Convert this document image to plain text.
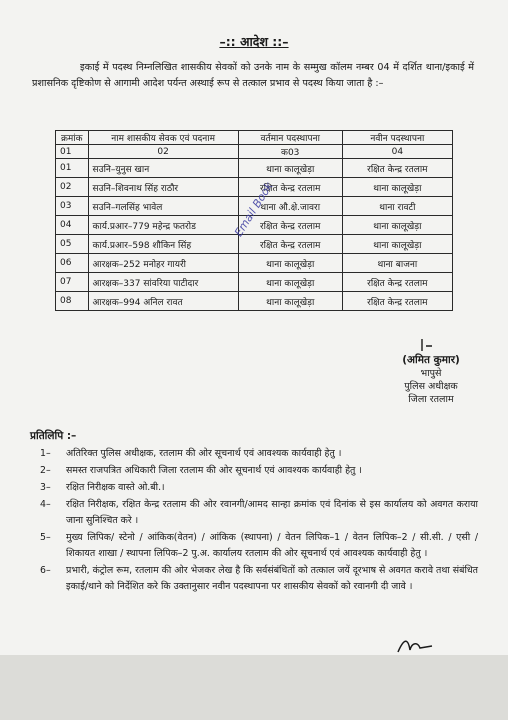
–:: आदेश ::–
इकाई में पदस्थ निम्नलिखित शासकीय सेवकों को उनके नाम के सम्मुख कॉलम नम्बर 04 में दर्शित थाना/इकाई में प्रशासनिक दृष्टिकोण से आगामी आदेश पर्यन्त अस्थाई रूप से तत्काल प्रभाव से पदस्थ किया जाता है :–
क्रमांक	नाम शासकीय सेवक एवं पदनाम	वर्तमान पदस्थापना	नवीन पदस्थापना
01	02	क03	04
01	सउनि–युनुस खान	थाना कालूखेड़ा	रक्षित केन्द्र रतलाम
02	सउनि–शिवनाथ सिंह राठौर	रक्षित केन्द्र रतलाम	थाना कालूखेड़ा
03	सउनि–गलसिंह भावेल	थाना औ.क्षे.जावरा	थाना रावटी
04	कार्य.प्रआर–779 महेन्द्र फतरोड	रक्षित केन्द्र रतलाम	थाना कालूखेड़ा
05	कार्य.प्रआर–598 शौकिन सिंह	रक्षित केन्द्र रतलाम	थाना कालूखेड़ा
06	आरक्षक–252 मनोहर गायरी	थाना कालूखेड़ा	थाना बाजना
07	आरक्षक–337 सांवरिया पाटीदार	थाना कालूखेड़ा	रक्षित केन्द्र रतलाम
08	आरक्षक–994 अनिल रावत	थाना कालूखेड़ा	रक्षित केन्द्र रतलाम
Email Book
(अमित कुमार)
भापुसे
पुलिस अधीक्षक
जिला रतलाम
प्रतिलिपि :–
1– अतिरिक्त पुलिस अधीक्षक, रतलाम की ओर सूचनार्थ एवं आवश्यक कार्यवाही हेतु ।
2– समस्त राजपत्रित अधिकारी जिला रतलाम की ओर सूचनार्थ एवं आवश्यक कार्यवाही हेतु ।
3– रक्षित निरीक्षक वास्ते ओ.बी.।
4– रक्षित निरीक्षक, रक्षित केन्द्र रतलाम की ओर रवानगी/आमद सान्हा क्रमांक एवं दिनांक से इस कार्यालय को अवगत कराया जाना सुनिश्चित करे ।
5– मुख्य लिपिक/ स्टेनो / आंकिक(वेतन) / आंकिक (स्थापना) / वेतन लिपिक–1 / वेतन लिपिक–2 / सी.सी. / एसी / शिकायत शाखा / स्थापना लिपिक–2 पु.अ. कार्यालय रतलाम की ओर सूचनार्थ एवं आवश्यक कार्यवाही हेतु ।
6– प्रभारी, कंट्रोल रूम, रतलाम की ओर भेजकर लेख है कि सर्वसंबंधितों को तत्काल जयें दूरभाष से अवगत करावे तथा संबंधित इकाई/थाने को निर्देशित करे कि उक्तानुसार नवीन पदस्थापना पर शासकीय सेवकों को रवानगी दी जावे ।
